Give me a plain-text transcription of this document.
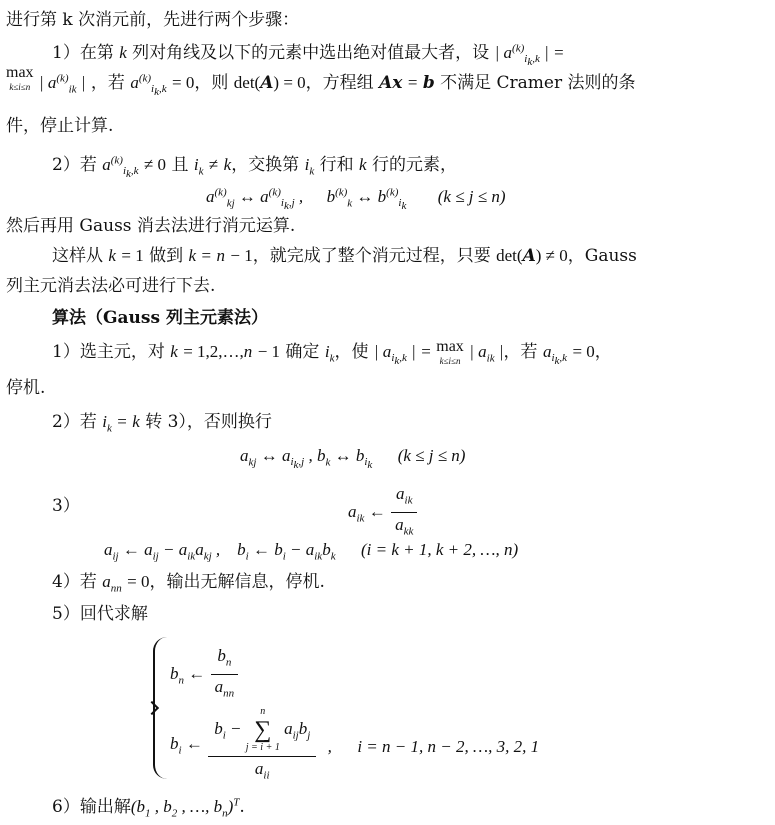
进行第 k 次消元前，先进行两个步骤：
1）在第 k 列对角线及以下的元素中选出绝对值最大者，设 | $a^{(k)}_{i_k,k}$ | =
max
k≤i≤n | $a^{(k)}_{ik}$ | ，若 $a^{(k)}_{i_k,k} = 0$，则 det(A) = 0，方程组 Ax = b 不满足 Cramer 法则的条
件，停止计算.
2）若 $a^{(k)}_{i_k,k} \ne 0$ 且 $i_k \ne k$，交换第 $i_k$ 行和 k 行的元素，
$a^{(k)}_{kj}$ ↔ $a^{(k)}_{i_k,j}$ , $b^{(k)}_k$ ↔ $b^{(k)}_{i_k}$ (k ≤ j ≤ n)
然后再用 Gauss 消去法进行消元运算.
这样从 k = 1 做到 k = n − 1，就完成了整个消元过程，只要 det(A) ≠ 0，Gauss
列主元消去法必可进行下去.
算法（Gauss 列主元素法）
1）选主元，对 k = 1,2,…,n − 1 确定 $i_k$，使 | $a_{i_k,k}$ | = max
k≤i≤n | $a_{ik}$ |，若 $a_{i_k,k} = 0$，
停机.
2）若 $i_k = k$ 转 3），否则换行
$a_{kj}$ ↔ $a_{i_k,j}$ , $b_k$ ↔ $b_{i_k}$ (k ≤ j ≤ n)
3）	$a_{ik}$ ← $\frac{a_{ik}}{a_{kk}}$
$a_{ij}$ ← $a_{ij} - a_{ik}a_{kj}$ ,    $b_i$ ← $b_i - a_{ik}b_k$ (i = k + 1, k + 2, …, n)
4）若 $a_{nn} = 0$，输出无解信息，停机.
5）回代求解
$b_n$ ← $\frac{b_n}{a_{nn}}$
$b_i$ ← $b_i$ −
n
∑
j = i + 1
$a_{ij}b_j$
$a_{ii}$ , i = n − 1, n − 2, …, 3, 2, 1
6）输出解($b_1$ , $b_2$ , …, $b_n)^T$.
